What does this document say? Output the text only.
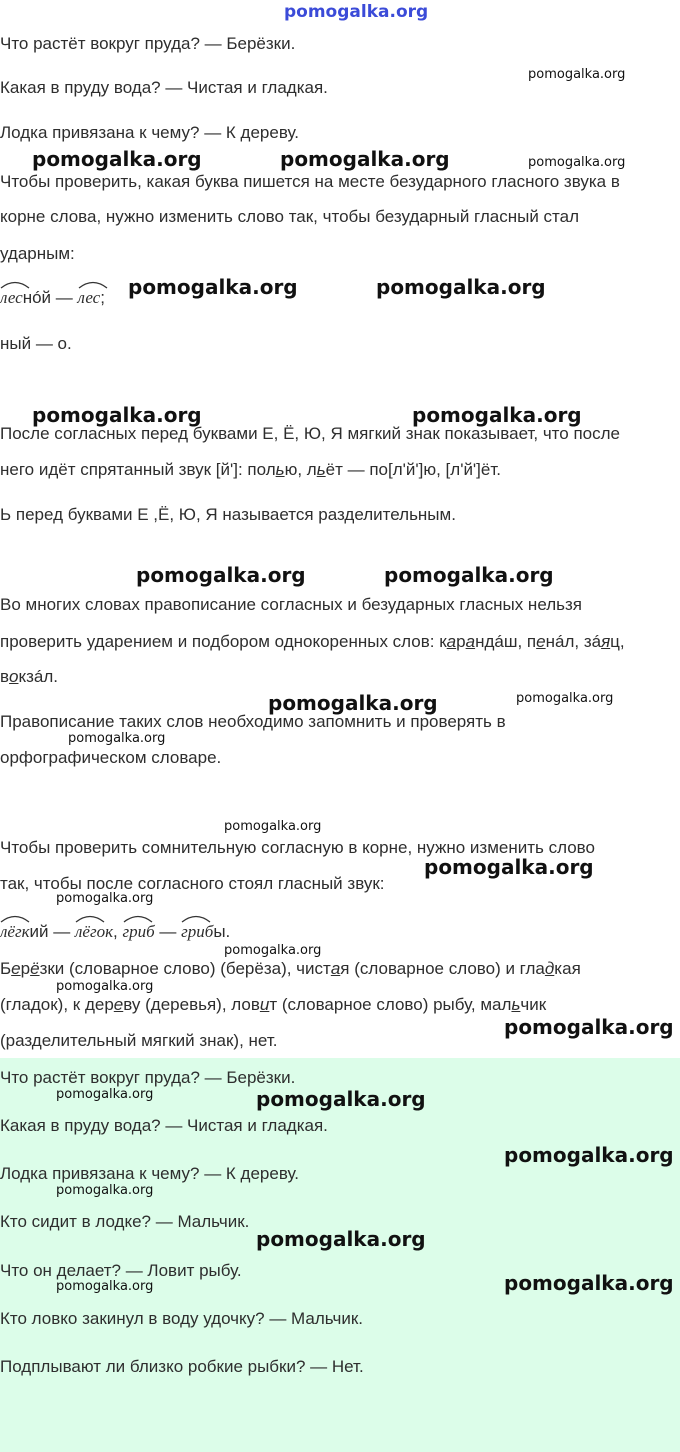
pomogalka.org
Что растёт вокруг пруда? — Берёзки.
Какая в пруду вода? — Чистая и гладкая.
Лодка привязана к чему? — К дереву.
Чтобы проверить, какая буква пишется на месте безударного гласного звука в
корне слова, нужно изменить слово так, чтобы безударный гласный стал
ударным:
леснóй —
лес;
ный — о.
После согласных перед буквами Е, Ё, Ю, Я мягкий знак показывает, что после
него идёт спрятанный звук [й']: полью, льёт — по[л'й']ю, [л'й']ёт.
Ь перед буквами Е ,Ё, Ю, Я называется разделительным.
Во многих словах правописание согласных и безударных гласных нельзя
проверить ударением и подбором однокоренных слов: карандáш, пенáл, зáяц,
вокзáл.
Правописание таких слов необходимо запомнить и проверять в
орфографическом словаре.
Чтобы проверить сомнительную согласную в корне, нужно изменить слово
так, чтобы после согласного стоял гласный звук:
лёгкий —
лёгок,
гриб —
грибы.
Берёзки (словарное слово) (берёза), чистая (словарное слово) и гладкая
(гладок), к дереву (деревья), ловит (словарное слово) рыбу, мальчик
(разделительный мягкий знак), нет.
Что растёт вокруг пруда? — Берёзки.
Какая в пруду вода? — Чистая и гладкая.
Лодка привязана к чему? — К дереву.
Кто сидит в лодке? — Мальчик.
Что он делает? — Ловит рыбу.
Кто ловко закинул в воду удочку? — Мальчик.
Подплывают ли близко робкие рыбки? — Нет.
pomogalka.org
pomogalka.org	pomogalka.org	pomogalka.org
pomogalka.org	pomogalka.org
pomogalka.org	pomogalka.org
pomogalka.org	pomogalka.org
pomogalka.org	pomogalka.org
pomogalka.org
pomogalka.org
pomogalka.org
pomogalka.org
pomogalka.org
pomogalka.org
pomogalka.org
pomogalka.org	pomogalka.org
pomogalka.org
pomogalka.org
pomogalka.org
pomogalka.org
pomogalka.org
